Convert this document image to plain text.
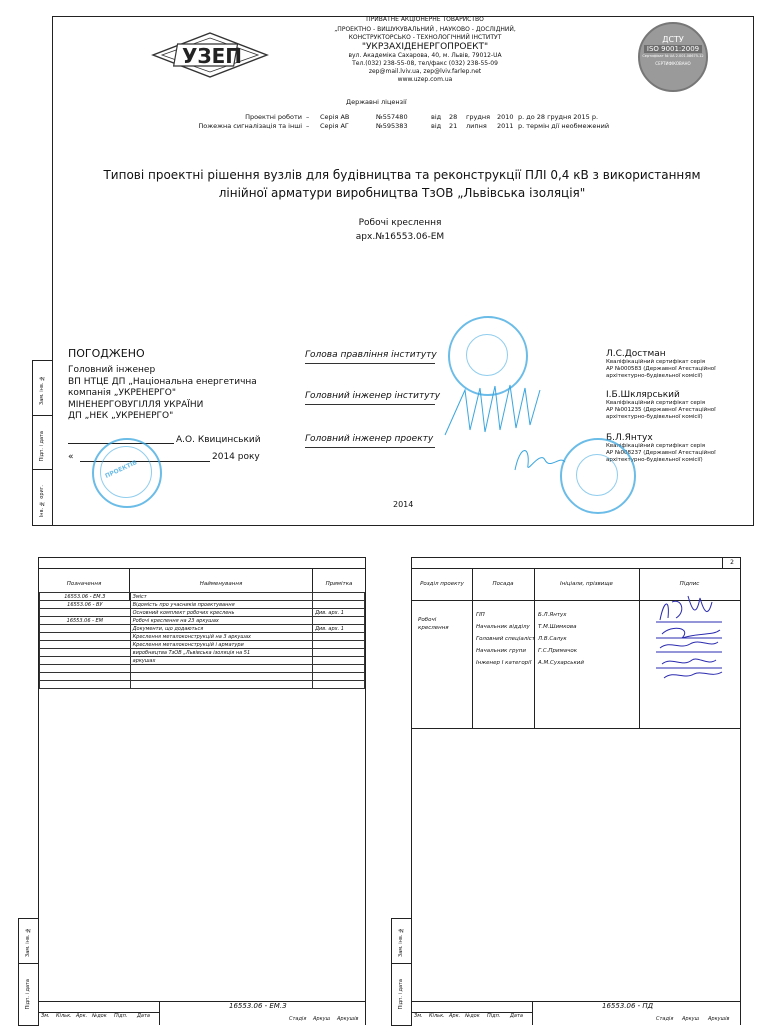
Зам. інв. №
Підп. і дата
Інв. № ориг.
УЗЕП
ПРИВАТНЕ АКЦІОНЕРНЕ ТОВАРИСТВО
„ПРОЕКТНО - ВИШУКУВАЛЬНИЙ , НАУКОВО - ДОСЛІДНИЙ,
КОНСТРУКТОРСЬКО - ТЕХНОЛОГІЧНИЙ ІНСТИТУТ
"УКРЗАХІДЕНЕРГОПРОЕКТ"
вул. Академіка Сахарова, 40, м. Львів, 79012-UA
Тел.(032) 238-55-08, тел/факс (032) 238-55-09
zep@mail.lviv.ua, zep@lviv.farlep.net
www.uzep.com.ua
ДСТУ
ISO 9001:2009
Сертифікат № UA 2.001.08675-12
СЕРТИФІКОВАНО
Державні ліцензії
Проектні роботи – Серія АВ	№557480	від 28 грудня 2010 р. до 28 грудня 2015 р.
Пожежна сигналізація та інші – Серія АГ	№595383	від 21 липня 2011 р. термін дії необмежений
Типові проектні рішення вузлів для будівництва та реконструкції ПЛІ 0,4 кВ з використанням
лінійної арматури виробництва ТзОВ „Львівська ізоляція"
Робочі креслення
арх.№16553.06-ЕМ
ПОГОДЖЕНО
Головний інженер
ВП НТЦЕ ДП „Національна енергетична
компанія „УКРЕНЕРГО"
МІНЕНЕРГОВУГІЛЛЯ УКРАЇНИ
ДП „НЕК „УКРЕНЕРГО"
А.О. Квицинський
«	2014 року
ПРОЕКТІВ
Голова правління інституту
Головний інженер інституту
Головний інженер проекту
Л.С.Достман
Кваліфікаційний сертифікат серія
АР №000583 (Державної Атестаційної
архітектурно-будівельної комісії)
І.Б.Шклярський
Кваліфікаційний сертифікат серія
АР №001235 (Державної Атестаційної
архітектурно-будівельної комісії)
Б.Л.Янтух
Кваліфікаційний сертифікат серія
АР №008237 (Державної Атестаційної
архітектурно-будівельної комісії)
2014
Позначення	Найменування	Примітка
16553.06 - ЕМ.З	Зміст	
16553.06 - ВУ	Відомість про учасників проектування	
	Основний комплект робочих креслень	Див. арх. 1
16553.06 - ЕМ	Робочі креслення на 23 аркушах	
	Документи, що додаються	Див. арх. 1
	Креслення металоконструкцій на 3 аркушах	
	Креслення металоконструкцій і арматури	
	виробництва ТзОВ „Львівська ізоляція на 51	
	аркушах	

16553.06 - ЕМ.З
Зм. Кільк. Арк. №док Підп. Дата	Стадія Аркуш Аркушів
Зам. інв. №
Підп. і дата
2
Розділ проекту	Посада	Ініціали, прізвище	Підпис
Робочі
креслення
ГІП	Б.Л.Янтух
Начальник відділу Т.М.Шимкова
Головний спеціаліст Л.В.Салук
Начальник групи Г.С.Примачок
Інженер І категорії А.М.Сухарський
16553.06 - ПД
Зм. Кільк. Арк. №док Підп. Дата	Стадія Аркуш Аркушів
Зам. інв. №
Підп. і дата
